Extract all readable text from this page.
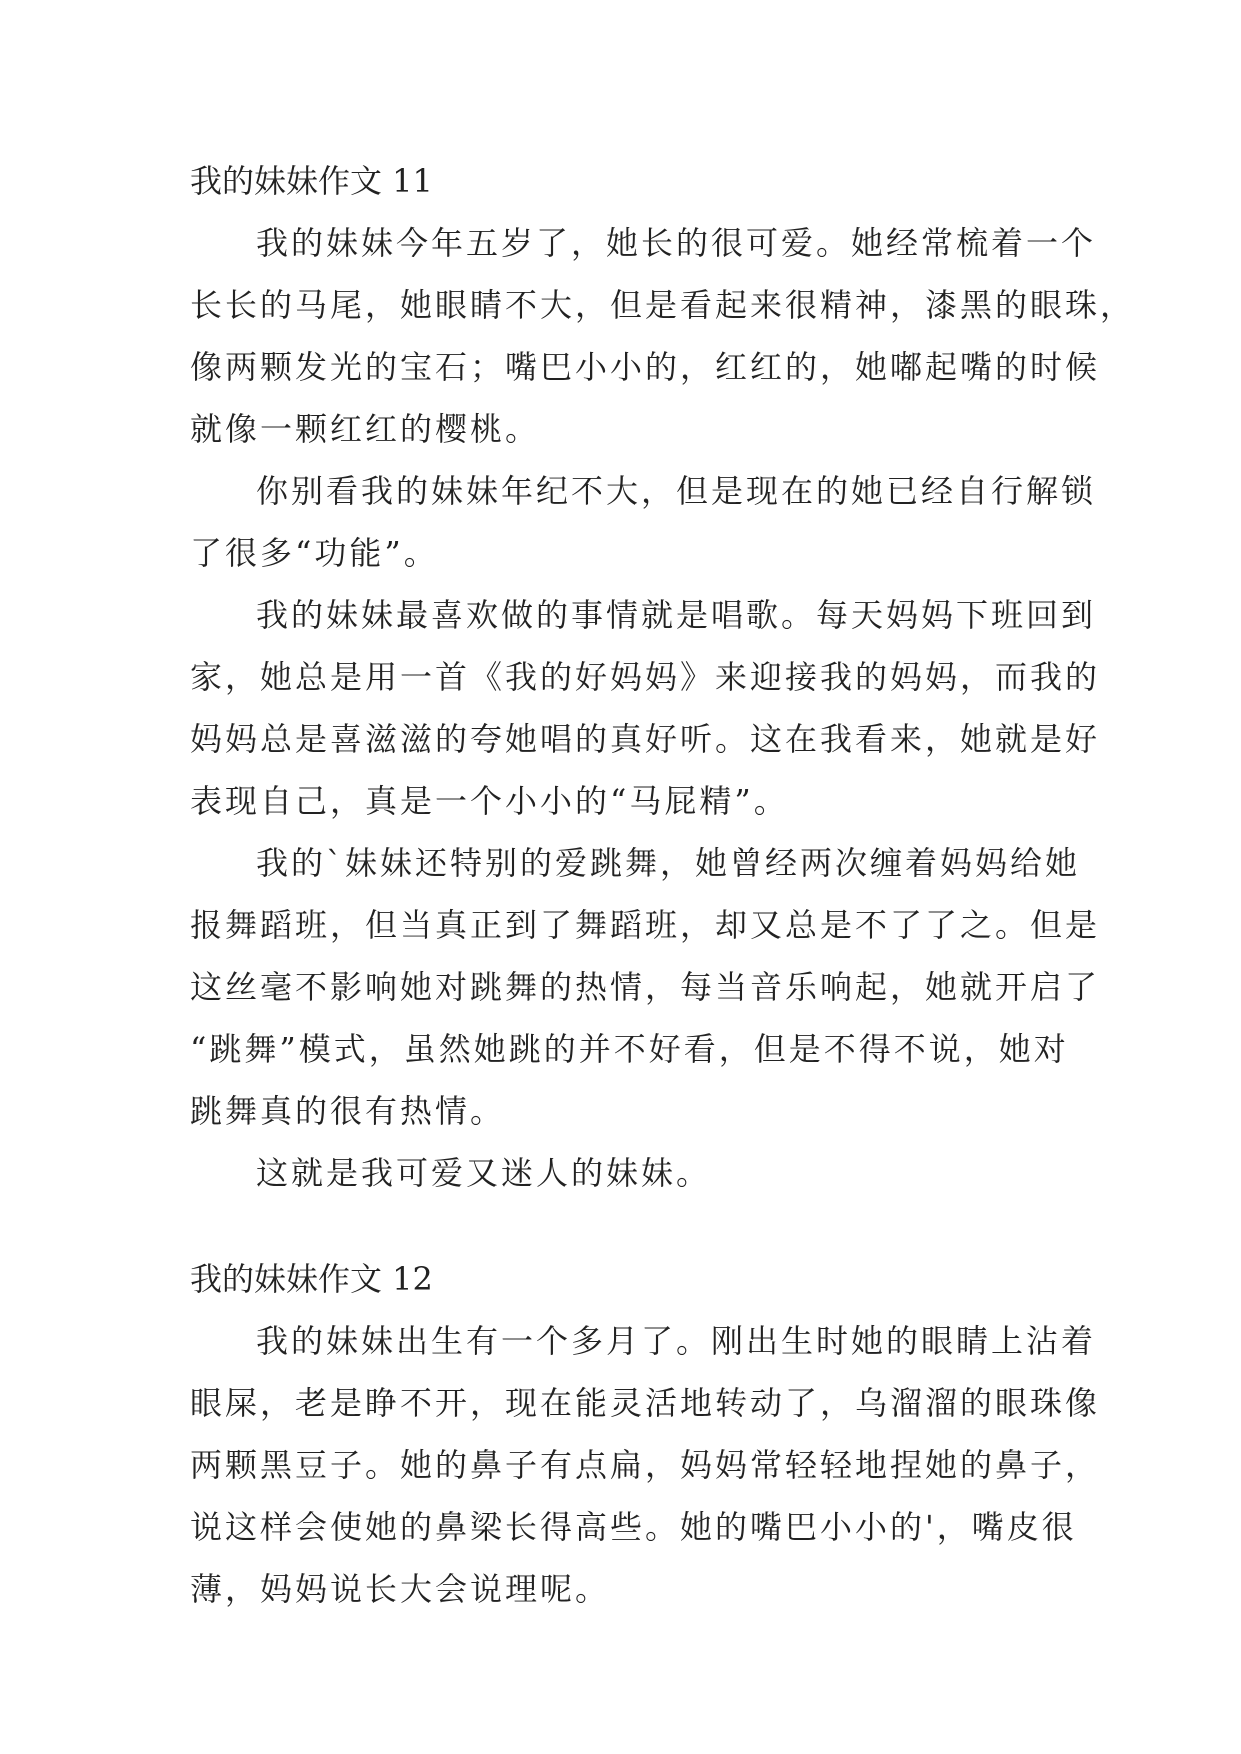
我的妹妹作文 11
我的妹妹今年五岁了，她长的很可爱。她经常梳着一个
长长的马尾，她眼睛不大，但是看起来很精神，漆黑的眼珠，
像两颗发光的宝石；嘴巴小小的，红红的，她嘟起嘴的时候
就像一颗红红的樱桃。
你别看我的妹妹年纪不大，但是现在的她已经自行解锁
了很多“功能”。
我的妹妹最喜欢做的事情就是唱歌。每天妈妈下班回到
家，她总是用一首《我的好妈妈》来迎接我的妈妈，而我的
妈妈总是喜滋滋的夸她唱的真好听。这在我看来，她就是好
表现自己，真是一个小小的“马屁精”。
我的`妹妹还特别的爱跳舞，她曾经两次缠着妈妈给她
报舞蹈班，但当真正到了舞蹈班，却又总是不了了之。但是
这丝毫不影响她对跳舞的热情，每当音乐响起，她就开启了
“跳舞”模式，虽然她跳的并不好看，但是不得不说，她对
跳舞真的很有热情。
这就是我可爱又迷人的妹妹。
我的妹妹作文 12
我的妹妹出生有一个多月了。刚出生时她的眼睛上沾着
眼屎，老是睁不开，现在能灵活地转动了，乌溜溜的眼珠像
两颗黑豆子。她的鼻子有点扁，妈妈常轻轻地捏她的鼻子，
说这样会使她的鼻梁长得高些。她的嘴巴小小的'，嘴皮很
薄，妈妈说长大会说理呢。
